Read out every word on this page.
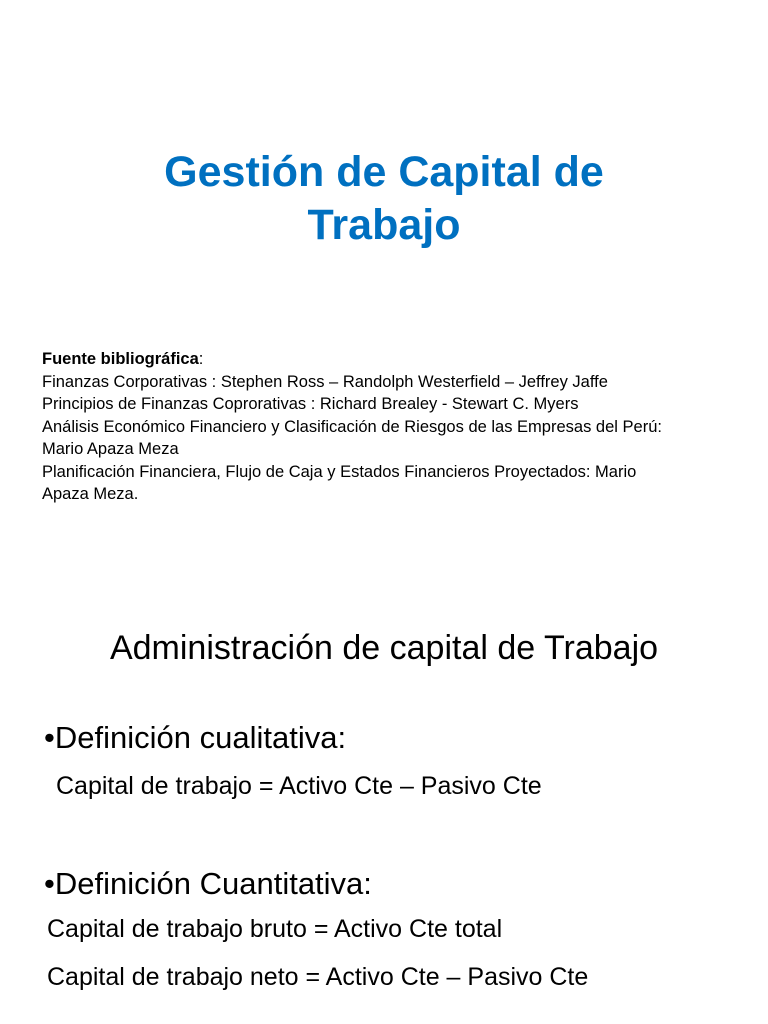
Gestión de Capital de
Trabajo
Fuente bibliográfica:
Finanzas Corporativas : Stephen Ross – Randolph Westerfield – Jeffrey Jaffe
Principios de Finanzas Coprorativas : Richard Brealey - Stewart C. Myers
Análisis Económico Financiero y Clasificación de Riesgos de las Empresas del Perú:
Mario Apaza Meza
Planificación Financiera, Flujo de Caja y Estados Financieros Proyectados: Mario
Apaza Meza.
Administración de capital de Trabajo
•Definición cualitativa:
Capital de trabajo = Activo Cte – Pasivo Cte
•Definición Cuantitativa:
Capital de trabajo bruto = Activo Cte total
Capital de trabajo neto = Activo Cte – Pasivo Cte
